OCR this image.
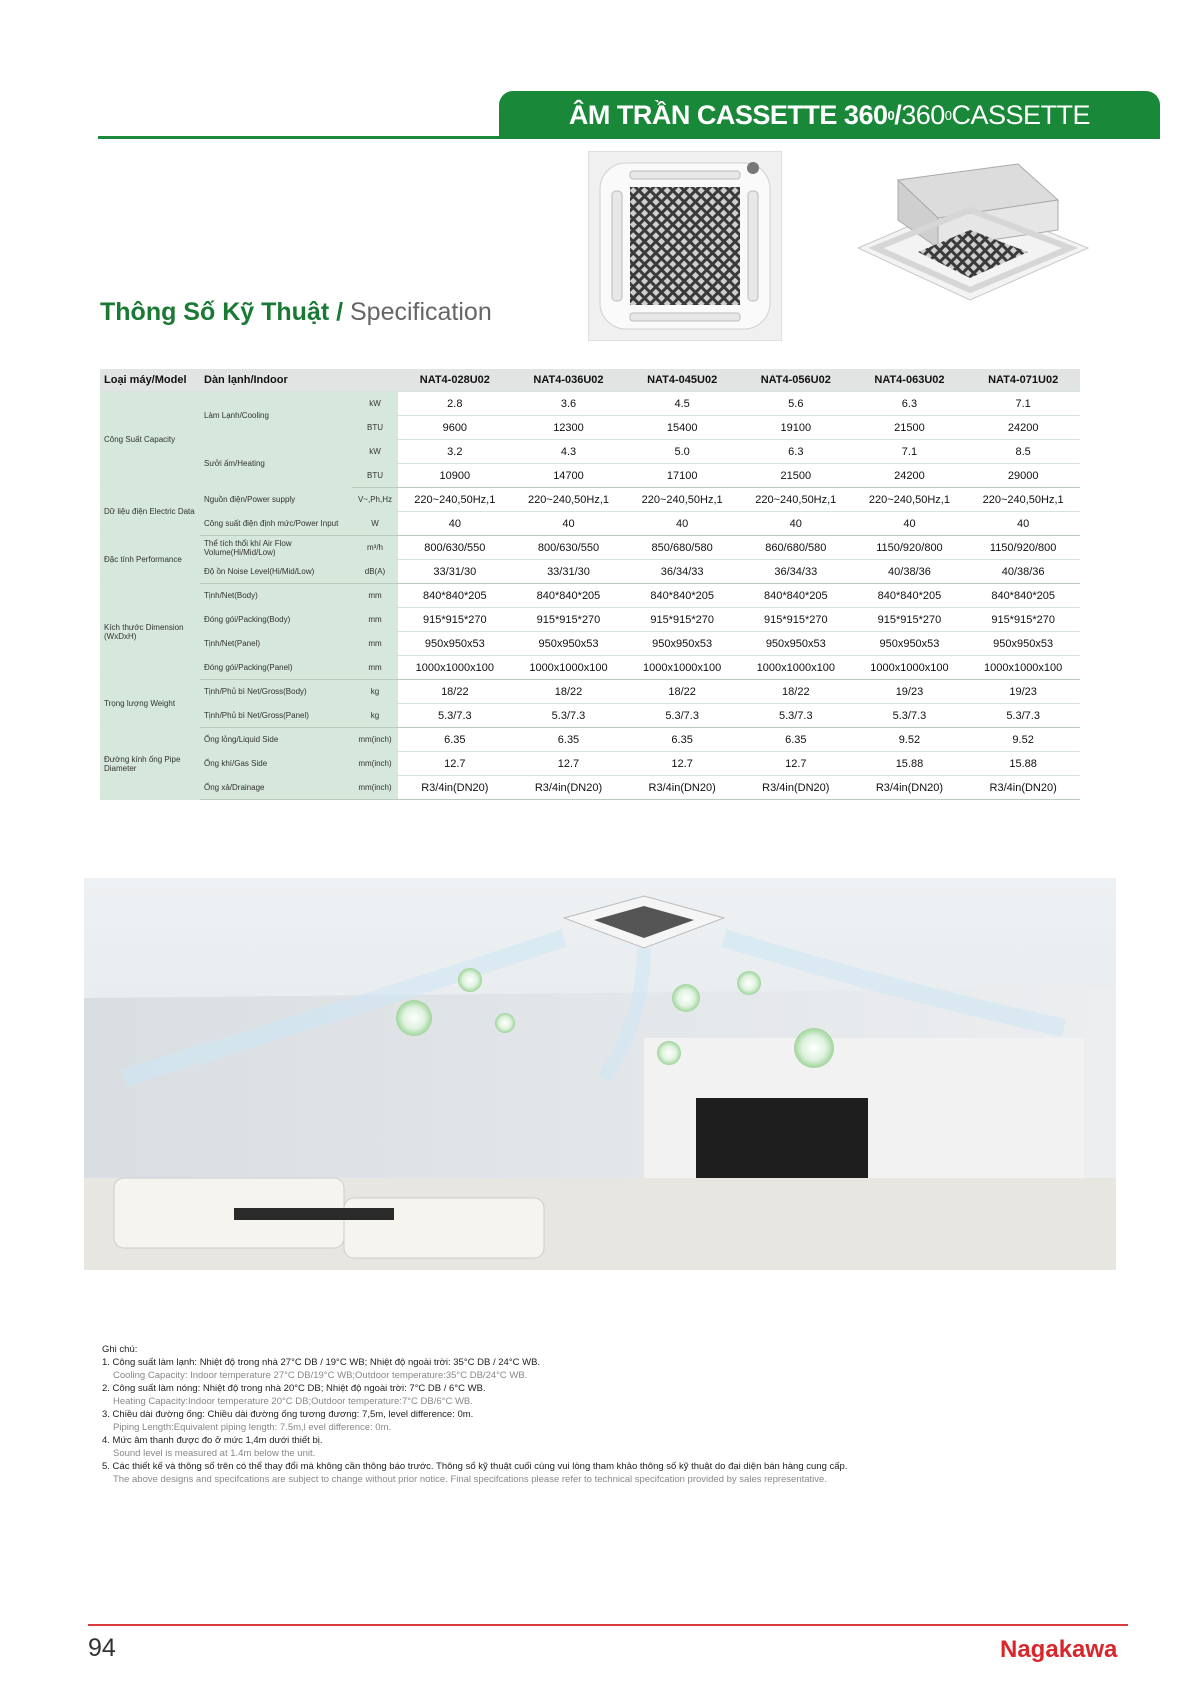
ÂM TRẦN CASSETTE 360 0 / 360 0 CASSETTE
Thông Số Kỹ Thuật / Specification
Loại máy/Model	Dàn lạnh/Indoor		NAT4-028U02	NAT4-036U02	NAT4-045U02	NAT4-056U02	NAT4-063U02	NAT4-071U02
Công Suất Capacity	Làm Lạnh/Cooling	kW	2.8	3.6	4.5	5.6	6.3	7.1
		BTU	9600	12300	15400	19100	21500	24200
	Sưởi ấm/Heating	kW	3.2	4.3	5.0	6.3	7.1	8.5
		BTU	10900	14700	17100	21500	24200	29000
Dữ liệu điện Electric Data	Nguồn điện/Power supply	V~,Ph,Hz	220~240,50Hz,1	220~240,50Hz,1	220~240,50Hz,1	220~240,50Hz,1	220~240,50Hz,1	220~240,50Hz,1
	Công suất điện định mức/Power Input	W	40	40	40	40	40	40
Đặc tính Performance	Thể tích thổi khí Air Flow Volume(Hi/Mid/Low)	m³/h	800/630/550	800/630/550	850/680/580	860/680/580	1150/920/800	1150/920/800
	Độ ồn Noise Level(Hi/Mid/Low)	dB(A)	33/31/30	33/31/30	36/34/33	36/34/33	40/38/36	40/38/36
Kích thước Dimension (WxDxH)	Tịnh/Net(Body)	mm	840*840*205	840*840*205	840*840*205	840*840*205	840*840*205	840*840*205
	Đóng gói/Packing(Body)	mm	915*915*270	915*915*270	915*915*270	915*915*270	915*915*270	915*915*270
	Tịnh/Net(Panel)	mm	950x950x53	950x950x53	950x950x53	950x950x53	950x950x53	950x950x53
	Đóng gói/Packing(Panel)	mm	1000x1000x100	1000x1000x100	1000x1000x100	1000x1000x100	1000x1000x100	1000x1000x100
Trọng lượng Weight	Tịnh/Phủ bì Net/Gross(Body)	kg	18/22	18/22	18/22	18/22	19/23	19/23
	Tịnh/Phủ bì Net/Gross(Panel)	kg	5.3/7.3	5.3/7.3	5.3/7.3	5.3/7.3	5.3/7.3	5.3/7.3
Đường kính ống Pipe Diameter	Ống lỏng/Liquid Side	mm(inch)	6.35	6.35	6.35	6.35	9.52	9.52
	Ống khí/Gas Side	mm(inch)	12.7	12.7	12.7	12.7	15.88	15.88
	Ống xả/Drainage	mm(inch)	R3/4in(DN20)	R3/4in(DN20)	R3/4in(DN20)	R3/4in(DN20)	R3/4in(DN20)	R3/4in(DN20)
Ghi chú:
1. Công suất làm lạnh: Nhiệt độ trong nhà 27°C DB / 19°C WB; Nhiệt độ ngoài trời: 35°C DB / 24°C WB.
Cooling Capacity: Indoor temperature 27°C DB/19°C WB;Outdoor temperature:35°C DB/24°C WB.
2. Công suất làm nóng: Nhiệt độ trong nhà 20°C DB; Nhiệt độ ngoài trời: 7°C DB / 6°C WB.
Heating Capacity:Indoor temperature 20°C DB;Outdoor temperature:7°C DB/6°C WB.
3. Chiều dài đường ống: Chiều dài đường ống tương đương: 7,5m, level difference: 0m.
Piping Length:Equivalent piping length: 7.5m,l evel difference: 0m.
4. Mức âm thanh được đo ở mức 1,4m dưới thiết bị.
Sound level is measured at 1.4m below the unit.
5. Các thiết kế và thông số trên có thể thay đổi mà không cần thông báo trước. Thông số kỹ thuật cuối cùng vui lòng tham khảo thông số kỹ thuật do đại diện bán hàng cung cấp.
The above designs and specifcations are subject to change without prior notice. Final specifcations please refer to technical specifcation provided by sales representative.
94	Nagakawa
